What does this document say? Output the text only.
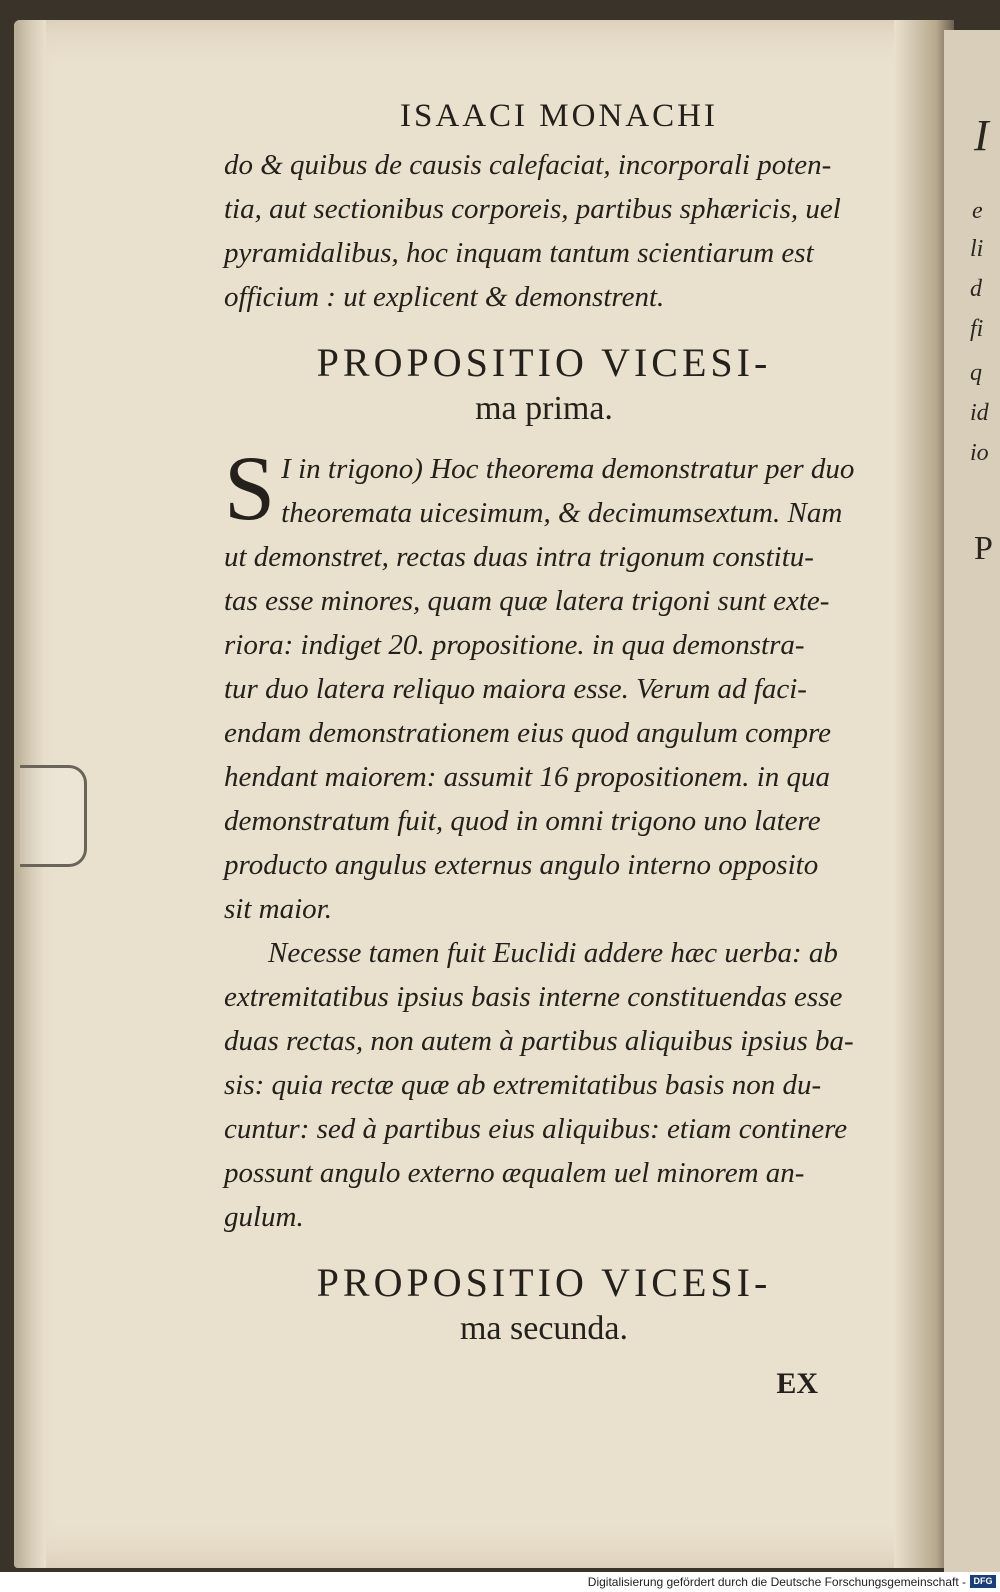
ISAACI MONACHI

do & quibus de causis calefaciat, incorporali poten-
tia, aut sectionibus corporeis, partibus sphæricis, uel
pyramidalibus, hoc inquam tantum scientiarum est
officium : ut explicent & demonstrent.

PROPOSITIO VICESI-
ma prima.

S I in trigono) Hoc theorema demonstratur per duo
theoremata uicesimum, & decimumsextum. Nam
ut demonstret, rectas duas intra trigonum constitu-
tas esse minores, quam quæ latera trigoni sunt exte-
riora: indiget 20. propositione. in qua demonstra-
tur duo latera reliquo maiora esse. Verum ad faci-
endam demonstrationem eius quod angulum compre
hendant maiorem: assumit 16 propositionem. in qua
demonstratum fuit, quod in omni trigono uno latere
producto angulus externus angulo interno opposito
sit maior.

Necesse tamen fuit Euclidi addere hæc uerba: ab
extremitatibus ipsius basis interne constituendas esse
duas rectas, non autem à partibus aliquibus ipsius ba-
sis: quia rectæ quæ ab extremitatibus basis non du-
cuntur: sed à partibus eius aliquibus: etiam continere
possunt angulo externo æqualem uel minorem an-
gulum.

PROPOSITIO VICESI-
ma secunda.
EX
I
e
li
d
fi
q
id
io
P
Digitalisierung gefördert durch die Deutsche Forschungsgemeinschaft - DFG
